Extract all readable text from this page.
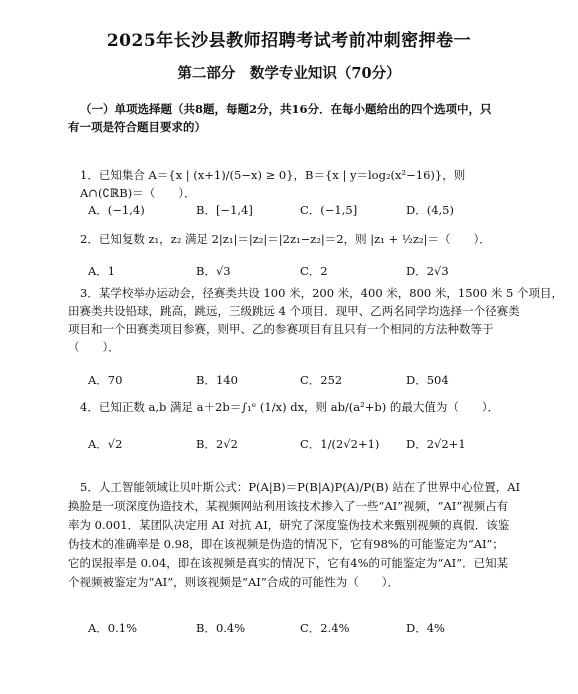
2025年长沙县教师招聘考试考前冲刺密押卷一
第二部分　数学专业知识（70分）
（一）单项选择题（共8题，每题2分，共16分．在每小题给出的四个选项中，只
有一项是符合题目要求的）
1．已知集合 A＝{x | (x+1)/(5−x) ≥ 0}，B＝{x | y＝log₂(x²−16)}，则 A∩(∁ℝB)＝（　　）．
A．(−1,4)	B．[−1,4]	C．(−1,5]	D．(4,5)
2．已知复数 z₁，z₂ 满足 2|z₁|＝|z₂|＝|2z₁−z₂|＝2，则 |z₁ + ½z₂|＝（　　）．
A．1	B．√3	C．2	D．2√3
3．某学校举办运动会，径赛类共设 100 米，200 米，400 米，800 米，1500 米 5 个项目，
田赛类共设铅球，跳高，跳远，三级跳远 4 个项目．现甲、乙两名同学均选择一个径赛类
项目和一个田赛类项目参赛，则甲、乙的参赛项目有且只有一个相同的方法种数等于
（　　）．
A．70	B．140	C．252	D．504
4．已知正数 a,b 满足 a＋2b＝∫₁ᵉ (1/x) dx，则 ab/(a²+b) 的最大值为（　　）．
A．√2	B．2√2	C．1/(2√2+1) D．2√2+1
5．人工智能领域让贝叶斯公式：P(A|B)＝P(B|A)P(A)/P(B) 站在了世界中心位置，AI
换脸是一项深度伪造技术，某视频网站利用该技术掺入了一些“AI”视频，“AI”视频占有
率为 0.001．某团队决定用 AI 对抗 AI，研究了深度鉴伪技术来甄别视频的真假．该鉴
伪技术的准确率是 0.98，即在该视频是伪造的情况下，它有98%的可能鉴定为“AI”；
它的误报率是 0.04，即在该视频是真实的情况下，它有4%的可能鉴定为“AI”．已知某
个视频被鉴定为“AI”，则该视频是“AI”合成的可能性为（　　）．
A．0.1%	B．0.4%	C．2.4%	D．4%
